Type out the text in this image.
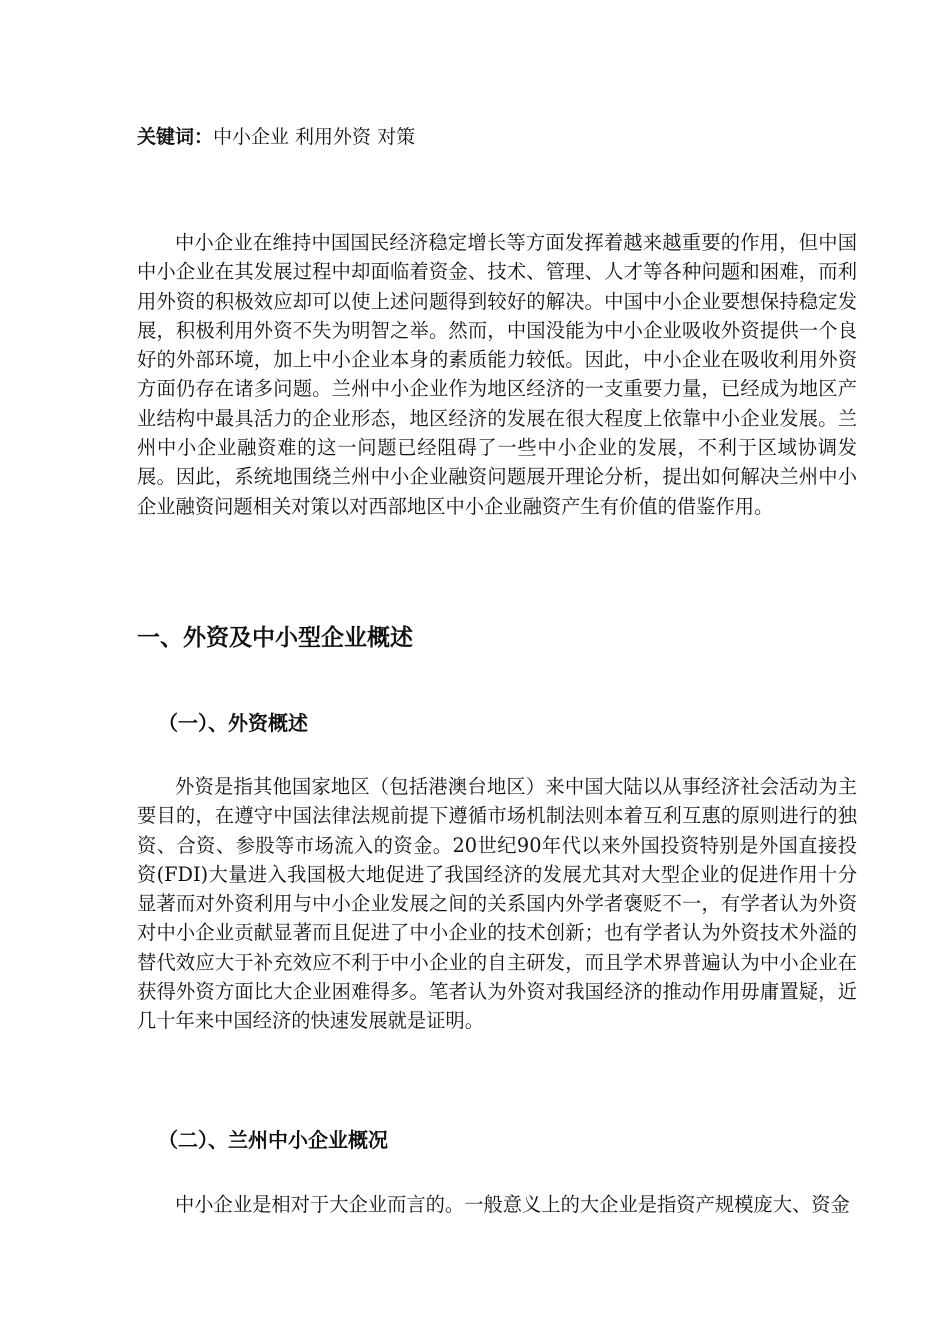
关键词：中小企业 利用外资 对策

中小企业在维持中国国民经济稳定增长等方面发挥着越来越重要的作用，但中国中小企业在其发展过程中却面临着资金、技术、管理、人才等各种问题和困难，而利用外资的积极效应却可以使上述问题得到较好的解决。中国中小企业要想保持稳定发展，积极利用外资不失为明智之举。然而，中国没能为中小企业吸收外资提供一个良好的外部环境，加上中小企业本身的素质能力较低。因此，中小企业在吸收利用外资方面仍存在诸多问题。兰州中小企业作为地区经济的一支重要力量，已经成为地区产业结构中最具活力的企业形态，地区经济的发展在很大程度上依靠中小企业发展。兰州中小企业融资难的这一问题已经阻碍了一些中小企业的发展，不利于区域协调发展。因此，系统地围绕兰州中小企业融资问题展开理论分析，提出如何解决兰州中小企业融资问题相关对策以对西部地区中小企业融资产生有价值的借鉴作用。

一、外资及中小型企业概述
（一）、外资概述

外资是指其他国家地区（包括港澳台地区）来中国大陆以从事经济社会活动为主要目的，在遵守中国法律法规前提下遵循市场机制法则本着互利互惠的原则进行的独资、合资、参股等市场流入的资金。20世纪90年代以来外国投资特别是外国直接投资(FDI)大量进入我国极大地促进了我国经济的发展尤其对大型企业的促进作用十分显著而对外资利用与中小企业发展之间的关系国内外学者褒贬不一，有学者认为外资对中小企业贡献显著而且促进了中小企业的技术创新；也有学者认为外资技术外溢的替代效应大于补充效应不利于中小企业的自主研发，而且学术界普遍认为中小企业在获得外资方面比大企业困难得多。笔者认为外资对我国经济的推动作用毋庸置疑，近几十年来中国经济的快速发展就是证明。

（二）、兰州中小企业概况

中小企业是相对于大企业而言的。一般意义上的大企业是指资产规模庞大、资金
